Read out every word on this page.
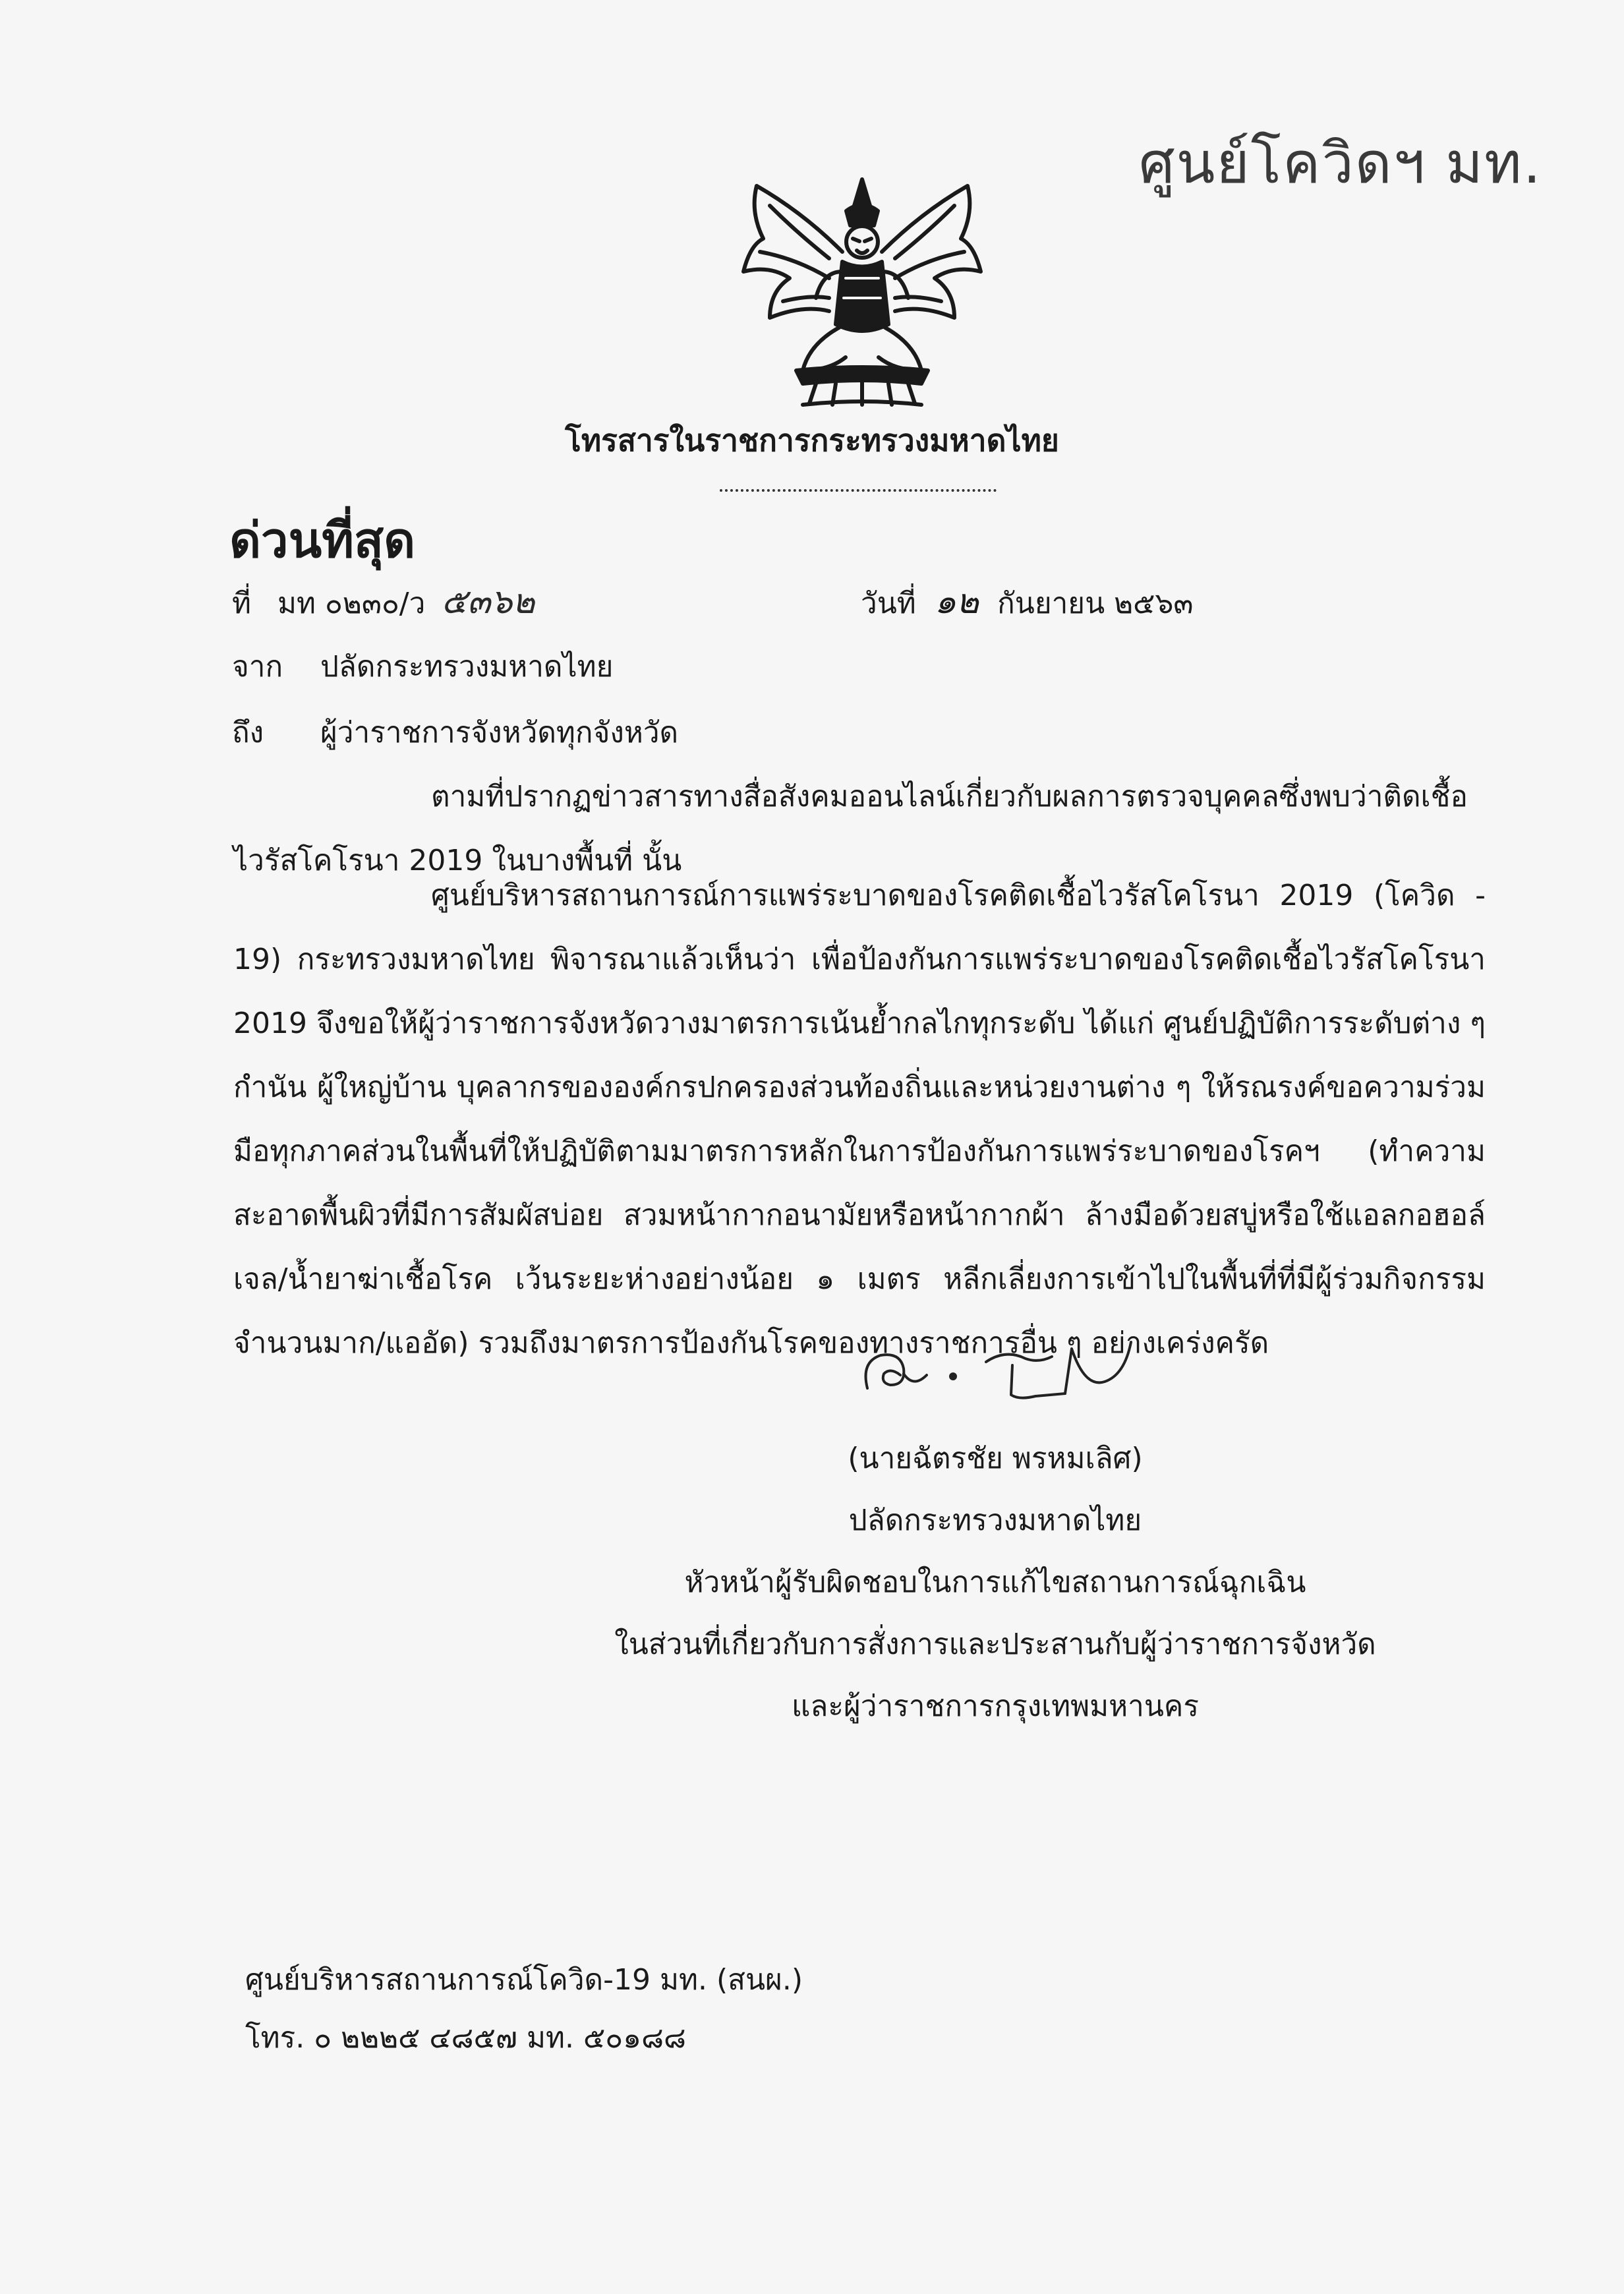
ศูนย์โควิดฯ มท.
โทรสารในราชการกระทรวงมหาดไทย
ด่วนที่สุด
ที่ มท ๐๒๓๐/ว ๕๓๖๒	วันที่ ๑๒ กันยายน ๒๕๖๓
จาก ปลัดกระทรวงมหาดไทย
ถึง ผู้ว่าราชการจังหวัดทุกจังหวัด

ตามที่ปรากฏข่าวสารทางสื่อสังคมออนไลน์เกี่ยวกับผลการตรวจบุคคลซึ่งพบว่าติดเชื้อไวรัสโคโรนา 2019 ในบางพื้นที่ นั้น

ศูนย์บริหารสถานการณ์การแพร่ระบาดของโรคติดเชื้อไวรัสโคโรนา 2019 (โควิด - 19) กระทรวงมหาดไทย พิจารณาแล้วเห็นว่า เพื่อป้องกันการแพร่ระบาดของโรคติดเชื้อไวรัสโคโรนา 2019 จึงขอให้ผู้ว่าราชการจังหวัดวางมาตรการเน้นย้ำกลไกทุกระดับ ได้แก่ ศูนย์ปฏิบัติการระดับต่าง ๆ กำนัน ผู้ใหญ่บ้าน บุคลากรขององค์กรปกครองส่วนท้องถิ่นและหน่วยงานต่าง ๆ ให้รณรงค์ขอความร่วมมือทุกภาคส่วนในพื้นที่ให้ปฏิบัติตามมาตรการหลักในการป้องกันการแพร่ระบาดของโรคฯ (ทำความสะอาดพื้นผิวที่มีการสัมผัสบ่อย สวมหน้ากากอนามัยหรือหน้ากากผ้า ล้างมือด้วยสบู่หรือใช้แอลกอฮอล์เจล/น้ำยาฆ่าเชื้อโรค เว้นระยะห่างอย่างน้อย ๑ เมตร หลีกเลี่ยงการเข้าไปในพื้นที่ที่มีผู้ร่วมกิจกรรมจำนวนมาก/แออัด) รวมถึงมาตรการป้องกันโรคของทางราชการอื่น ๆ อย่างเคร่งครัด

(นายฉัตรชัย พรหมเลิศ)
ปลัดกระทรวงมหาดไทย
หัวหน้าผู้รับผิดชอบในการแก้ไขสถานการณ์ฉุกเฉิน
ในส่วนที่เกี่ยวกับการสั่งการและประสานกับผู้ว่าราชการจังหวัด
และผู้ว่าราชการกรุงเทพมหานคร
ศูนย์บริหารสถานการณ์โควิด-19 มท. (สนผ.)
โทร. ๐ ๒๒๒๕ ๔๘๕๗ มท. ๕๐๑๘๘
